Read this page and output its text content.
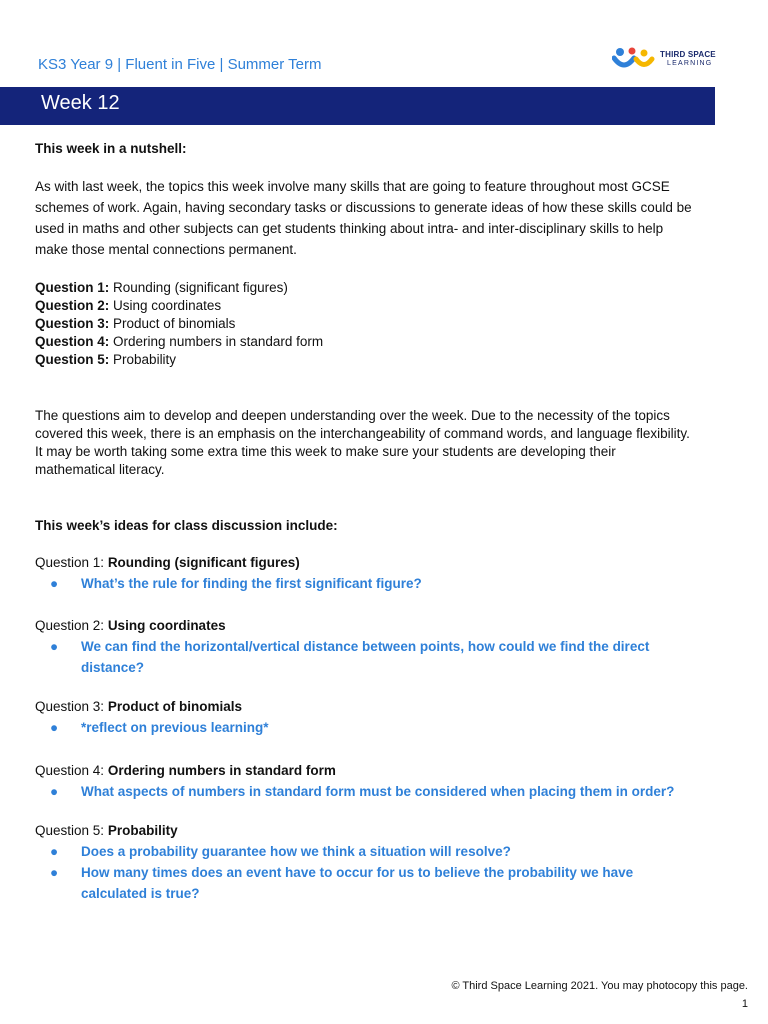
KS3 Year 9 | Fluent in Five | Summer Term
THIRD SPACE
LEARNING
Week 12
This week in a nutshell:
As with last week, the topics this week involve many skills that are going to feature throughout most GCSE schemes of work. Again, having secondary tasks or discussions to generate ideas of how these skills could be used in maths and other subjects can get students thinking about intra- and inter-disciplinary skills to help make those mental connections permanent.
Question 1: Rounding (significant figures)
Question 2: Using coordinates
Question 3: Product of binomials
Question 4: Ordering numbers in standard form
Question 5: Probability
The questions aim to develop and deepen understanding over the week. Due to the necessity of the topics covered this week, there is an emphasis on the interchangeability of command words, and language flexibility. It may be worth taking some extra time this week to make sure your students are developing their mathematical literacy.
This week’s ideas for class discussion include:
Question 1: Rounding (significant figures)
● What’s the rule for finding the first significant figure?
Question 2: Using coordinates
● We can find the horizontal/vertical distance between points, how could we find the direct distance?
Question 3: Product of binomials
● *reflect on previous learning*
Question 4: Ordering numbers in standard form
● What aspects of numbers in standard form must be considered when placing them in order?
Question 5: Probability
● Does a probability guarantee how we think a situation will resolve?
● How many times does an event have to occur for us to believe the probability we have calculated is true?
© Third Space Learning 2021. You may photocopy this page.
1
